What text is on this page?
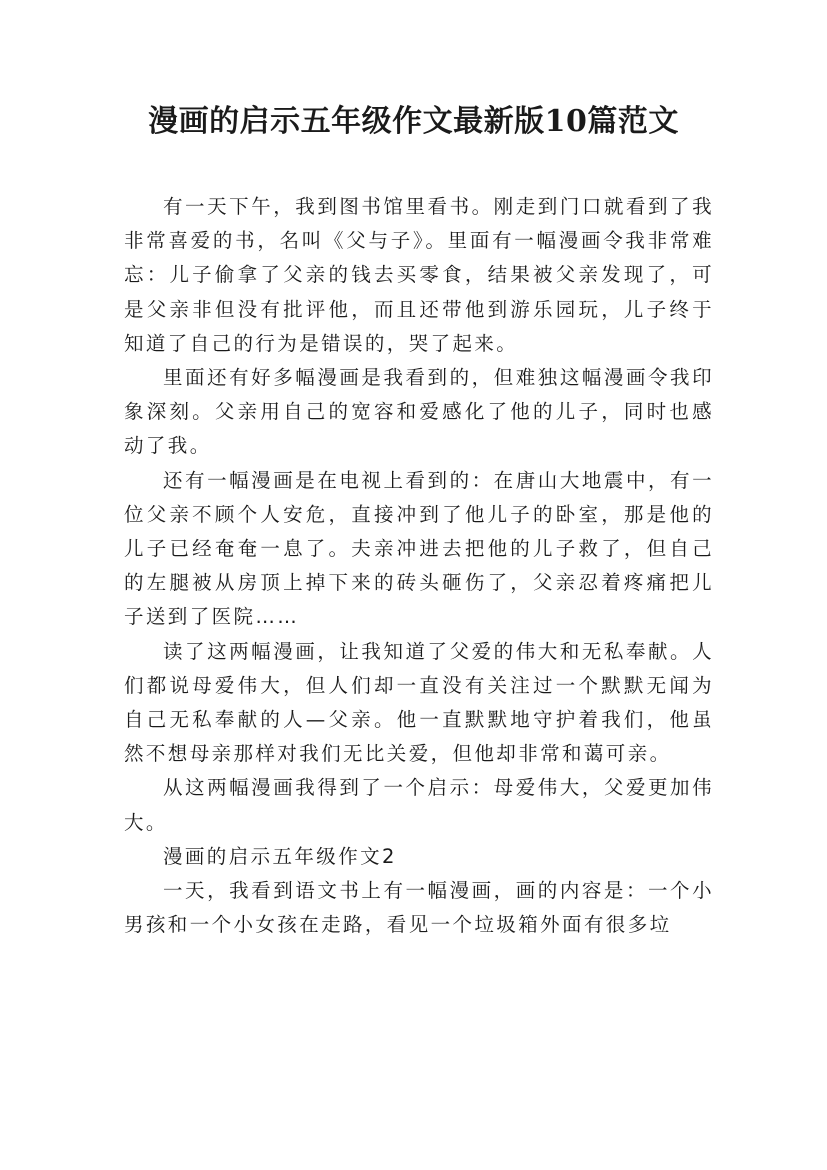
漫画的启示五年级作文最新版10篇范文

有一天下午，我到图书馆里看书。刚走到门口就看到了我非常喜爱的书，名叫《父与子》。里面有一幅漫画令我非常难忘：儿子偷拿了父亲的钱去买零食，结果被父亲发现了，可是父亲非但没有批评他，而且还带他到游乐园玩，儿子终于知道了自己的行为是错误的，哭了起来。

里面还有好多幅漫画是我看到的，但难独这幅漫画令我印象深刻。父亲用自己的宽容和爱感化了他的儿子，同时也感动了我。

还有一幅漫画是在电视上看到的：在唐山大地震中，有一位父亲不顾个人安危，直接冲到了他儿子的卧室，那是他的儿子已经奄奄一息了。夫亲冲进去把他的儿子救了，但自己的左腿被从房顶上掉下来的砖头砸伤了，父亲忍着疼痛把儿子送到了医院……

读了这两幅漫画，让我知道了父爱的伟大和无私奉献。人们都说母爱伟大，但人们却一直没有关注过一个默默无闻为自己无私奉献的人—父亲。他一直默默地守护着我们，他虽然不想母亲那样对我们无比关爱，但他却非常和蔼可亲。

从这两幅漫画我得到了一个启示：母爱伟大，父爱更加伟大。

漫画的启示五年级作文2

一天，我看到语文书上有一幅漫画，画的内容是：一个小男孩和一个小女孩在走路，看见一个垃圾箱外面有很多垃
